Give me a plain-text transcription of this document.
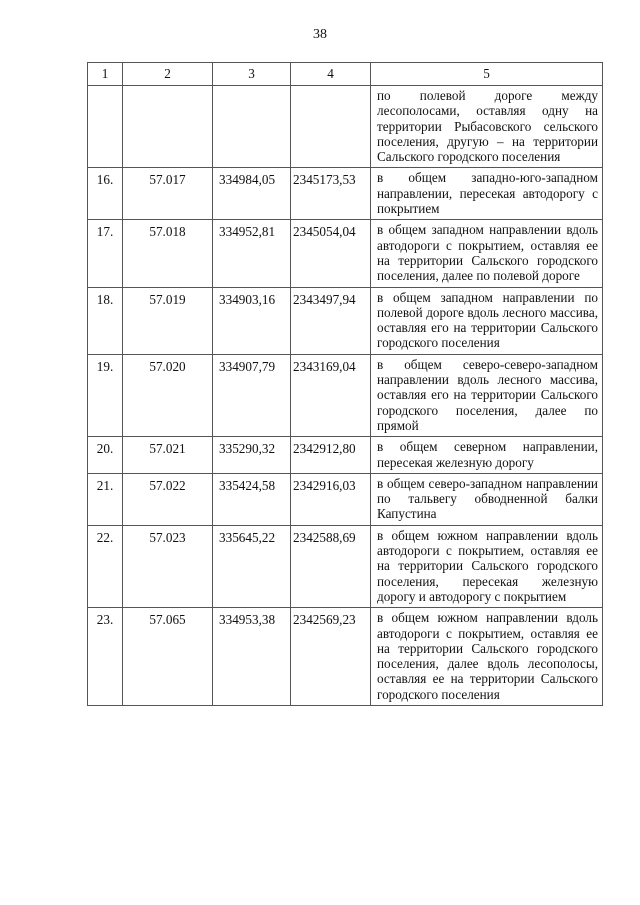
38
1	2	3	4	5
				по полевой дороге между лесополосами, оставляя одну на территории Рыбасовского сельского поселения, другую – на территории Сальского городского поселения
16.	57.017	334984,05	2345173,53	в общем западно-юго-западном направлении, пересекая автодорогу с покрытием
17.	57.018	334952,81	2345054,04	в общем западном направлении вдоль автодороги с покрытием, оставляя ее на территории Сальского городского поселения, далее по полевой дороге
18.	57.019	334903,16	2343497,94	в общем западном направлении по полевой дороге вдоль лесного массива, оставляя его на территории Сальского городского поселения
19.	57.020	334907,79	2343169,04	в общем северо-северо-западном направлении вдоль лесного массива, оставляя его на территории Сальского городского поселения, далее по прямой
20.	57.021	335290,32	2342912,80	в общем северном направлении, пересекая железную дорогу
21.	57.022	335424,58	2342916,03	в общем северо-западном направлении по тальвегу обводненной балки Капустина
22.	57.023	335645,22	2342588,69	в общем южном направлении вдоль автодороги с покрытием, оставляя ее на территории Сальского городского поселения, пересекая железную дорогу и автодорогу с покрытием
23.	57.065	334953,38	2342569,23	в общем южном направлении вдоль автодороги с покрытием, оставляя ее на территории Сальского городского поселения, далее вдоль лесополосы, оставляя ее на территории Сальского городского поселения
